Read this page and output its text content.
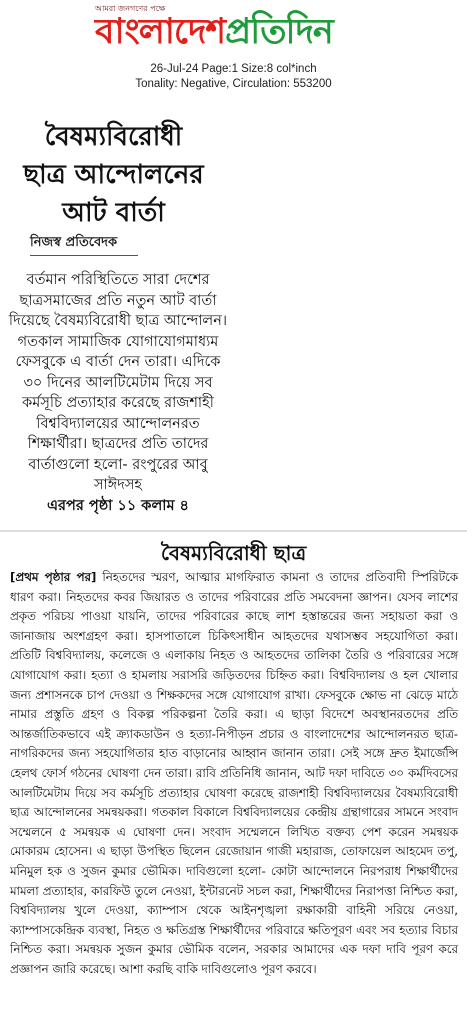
আমরা জনগণের পক্ষে
বাংলাদেশপ্রতিদিন
26-Jul-24 Page:1 Size:8 col*inch
Tonality: Negative, Circulation: 553200
বৈষম্যবিরোধী
ছাত্র আন্দোলনের
আট বার্তা
নিজস্ব প্রতিবেদক
বর্তমান পরিস্থিতিতে সারা দেশের ছাত্রসমাজের প্রতি নতুন আট বার্তা দিয়েছে বৈষম্যবিরোধী ছাত্র আন্দোলন। গতকাল সামাজিক যোগাযোগমাধ্যম ফেসবুকে এ বার্তা দেন তারা। এদিকে ৩০ দিনের আলটিমেটাম দিয়ে সব কর্মসূচি প্রত্যাহার করেছে রাজশাহী বিশ্ববিদ্যালয়ের আন্দোলনরত শিক্ষার্থীরা। ছাত্রদের প্রতি তাদের বার্তাগুলো হলো- রংপুরের আবু সাঈদসহ
এরপর পৃষ্ঠা ১১ কলাম ৪
বৈষম্যবিরোধী ছাত্র
[প্রথম পৃষ্ঠার পর] নিহতদের স্মরণ, আত্মার মাগফিরাত কামনা ও তাদের প্রতিবাদী স্পিরিটকে ধারণ করা। নিহতদের কবর জিয়ারত ও তাদের পরিবারের প্রতি সমবেদনা জ্ঞাপন। যেসব লাশের প্রকৃত পরিচয় পাওয়া যায়নি, তাদের পরিবারের কাছে লাশ হস্তান্তরের জন্য সহায়তা করা ও জানাজায় অংশগ্রহণ করা। হাসপাতালে চিকিৎসাধীন আহতদের যথাসম্ভব সহযোগিতা করা। প্রতিটি বিশ্ববিদ্যালয়, কলেজে ও এলাকায় নিহত ও আহতদের তালিকা তৈরি ও পরিবারের সঙ্গে যোগাযোগ করা। হত্যা ও হামলায় সরাসরি জড়িতদের চিহ্নিত করা। বিশ্ববিদ্যালয় ও হল খোলার জন্য প্রশাসনকে চাপ দেওয়া ও শিক্ষকদের সঙ্গে যোগাযোগ রাখা। ফেসবুকে ক্ষোভ না ঝেড়ে মাঠে নামার প্রস্তুতি গ্রহণ ও বিকল্প পরিকল্পনা তৈরি করা। এ ছাড়া বিদেশে অবস্থানরতদের প্রতি আন্তর্জাতিকভাবে এই ক্র্যাকডাউন ও হত্যা-নিপীড়ন প্রচার ও বাংলাদেশের আন্দোলনরত ছাত্র-নাগরিকদের জন্য সহযোগিতার হাত বাড়ানোর আহ্বান জানান তারা। সেই সঙ্গে দ্রুত ইমার্জেন্সি হেলথ ফোর্স গঠনের ঘোষণা দেন তারা। রাবি প্রতিনিধি জানান, আট দফা দাবিতে ৩০ কর্মদিবসের আলটিমেটাম দিয়ে সব কর্মসূচি প্রত্যাহার ঘোষণা করেছে রাজশাহী বিশ্ববিদ্যালয়ের বৈষম্যবিরোধী ছাত্র আন্দোলনের সমন্বয়করা। গতকাল বিকালে বিশ্ববিদ্যালয়ের কেন্দ্রীয় গ্রন্থাগারের সামনে সংবাদ সম্মেলনে ৫ সমন্বয়ক এ ঘোষণা দেন। সংবাদ সম্মেলনে লিখিত বক্তব্য পেশ করেন সমন্বয়ক মোকারম হোসেন। এ ছাড়া উপস্থিত ছিলেন রেজোয়ান গাজী মহারাজ, তোফায়েল আহমেদ তপু, মনিমুল হক ও সুজন কুমার ভৌমিক। দাবিগুলো হলো- কোটা আন্দোলনে নিরপরাধ শিক্ষার্থীদের মামলা প্রত্যাহার, কারফিউ তুলে নেওয়া, ইন্টারনেট সচল করা, শিক্ষার্থীদের নিরাপত্তা নিশ্চিত করা, বিশ্ববিদ্যালয় খুলে দেওয়া, ক্যাম্পাস থেকে আইনশৃঙ্খলা রক্ষাকারী বাহিনী সরিয়ে নেওয়া, ক্যাম্পাসকেন্দ্রিক ব্যবস্থা, নিহত ও ক্ষতিগ্রস্ত শিক্ষার্থীদের পরিবারে ক্ষতিপূরণ এবং সব হত্যার বিচার নিশ্চিত করা। সমন্বয়ক সুজন কুমার ভৌমিক বলেন, সরকার আমাদের এক দফা দাবি পূরণ করে প্রজ্ঞাপন জারি করেছে। আশা করছি বাকি দাবিগুলোও পূরণ করবে।
